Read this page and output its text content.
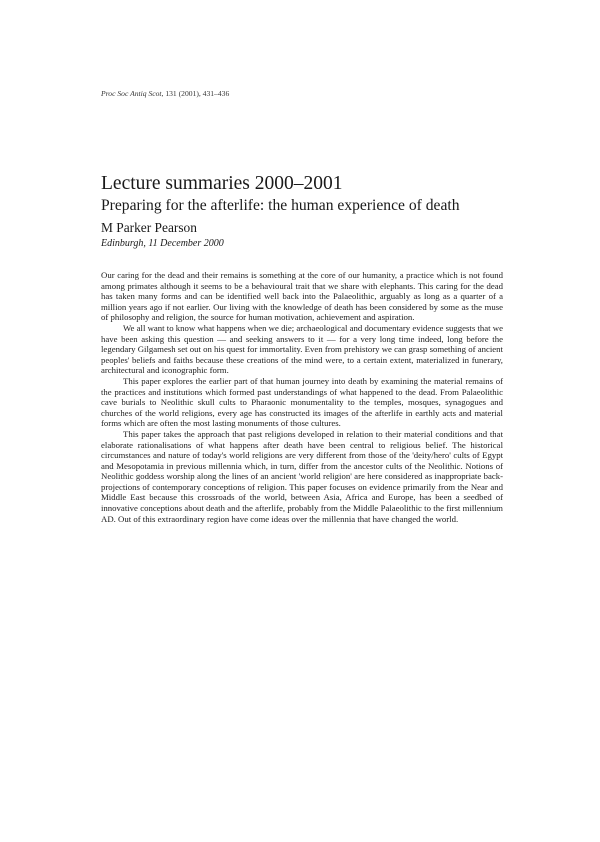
Proc Soc Antiq Scot, 131 (2001), 431–436
Lecture summaries 2000–2001
Preparing for the afterlife: the human experience of death
M Parker Pearson
Edinburgh, 11 December 2000

Our caring for the dead and their remains is something at the core of our humanity, a practice which is not found among primates although it seems to be a behavioural trait that we share with elephants. This caring for the dead has taken many forms and can be identified well back into the Palaeolithic, arguably as long as a quarter of a million years ago if not earlier. Our living with the knowledge of death has been considered by some as the muse of philosophy and religion, the source for human motivation, achievement and aspiration.

We all want to know what happens when we die; archaeological and documentary evidence suggests that we have been asking this question — and seeking answers to it — for a very long time indeed, long before the legendary Gilgamesh set out on his quest for immortality. Even from prehistory we can grasp something of ancient peoples' beliefs and faiths because these creations of the mind were, to a certain extent, materialized in funerary, architectural and iconographic form.

This paper explores the earlier part of that human journey into death by examining the material remains of the practices and institutions which formed past understandings of what happened to the dead. From Palaeolithic cave burials to Neolithic skull cults to Pharaonic monumentality to the temples, mosques, synagogues and churches of the world religions, every age has constructed its images of the afterlife in earthly acts and material forms which are often the most lasting monuments of those cultures.

This paper takes the approach that past religions developed in relation to their material conditions and that elaborate rationalisations of what happens after death have been central to religious belief. The historical circumstances and nature of today's world religions are very different from those of the 'deity/hero' cults of Egypt and Mesopotamia in previous millennia which, in turn, differ from the ancestor cults of the Neolithic. Notions of Neolithic goddess worship along the lines of an ancient 'world religion' are here considered as inappropriate back-projections of contemporary conceptions of religion. This paper focuses on evidence primarily from the Near and Middle East because this crossroads of the world, between Asia, Africa and Europe, has been a seedbed of innovative conceptions about death and the afterlife, probably from the Middle Palaeolithic to the first millennium AD. Out of this extraordinary region have come ideas over the millennia that have changed the world.
